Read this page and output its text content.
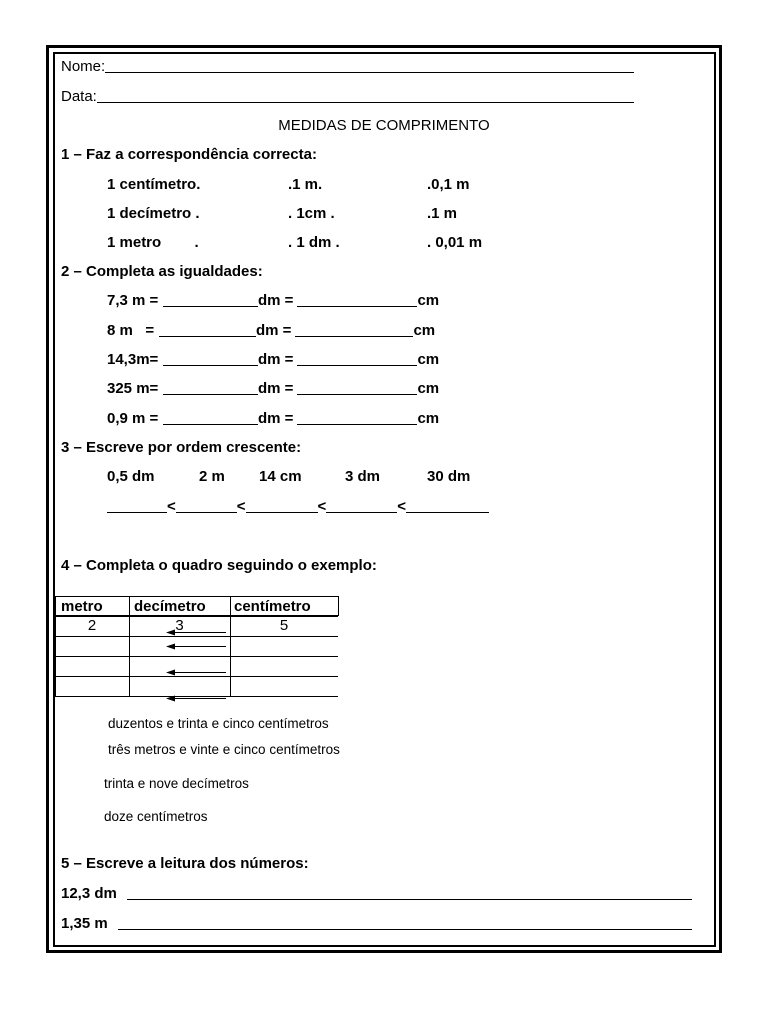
Nome:
Data:
MEDIDAS DE COMPRIMENTO
1 – Faz a correspondência correcta:
1 centímetro.	.1 m.	.0,1 m
1 decímetro .	. 1cm .	.1 m
1 metro        .	. 1 dm .	. 0,01 m
2 – Completa as igualdades:
7,3 m =	dm =	cm
8 m   =	dm =	cm
14,3m=	dm =	cm
325 m=	dm =	cm
0,9 m =	dm =	cm
3 – Escreve por ordem crescente:
0,5 dm	2 m 14 cm	3 dm	30 dm
<	<	<	<
4 – Completa o quadro seguindo o exemplo:
metro decímetro centímetro
2	3	5
duzentos e trinta e cinco centímetros
três metros e vinte e cinco centímetros
trinta e nove decímetros
doze centímetros
5 – Escreve a leitura dos números:
12,3 dm
1,35 m
